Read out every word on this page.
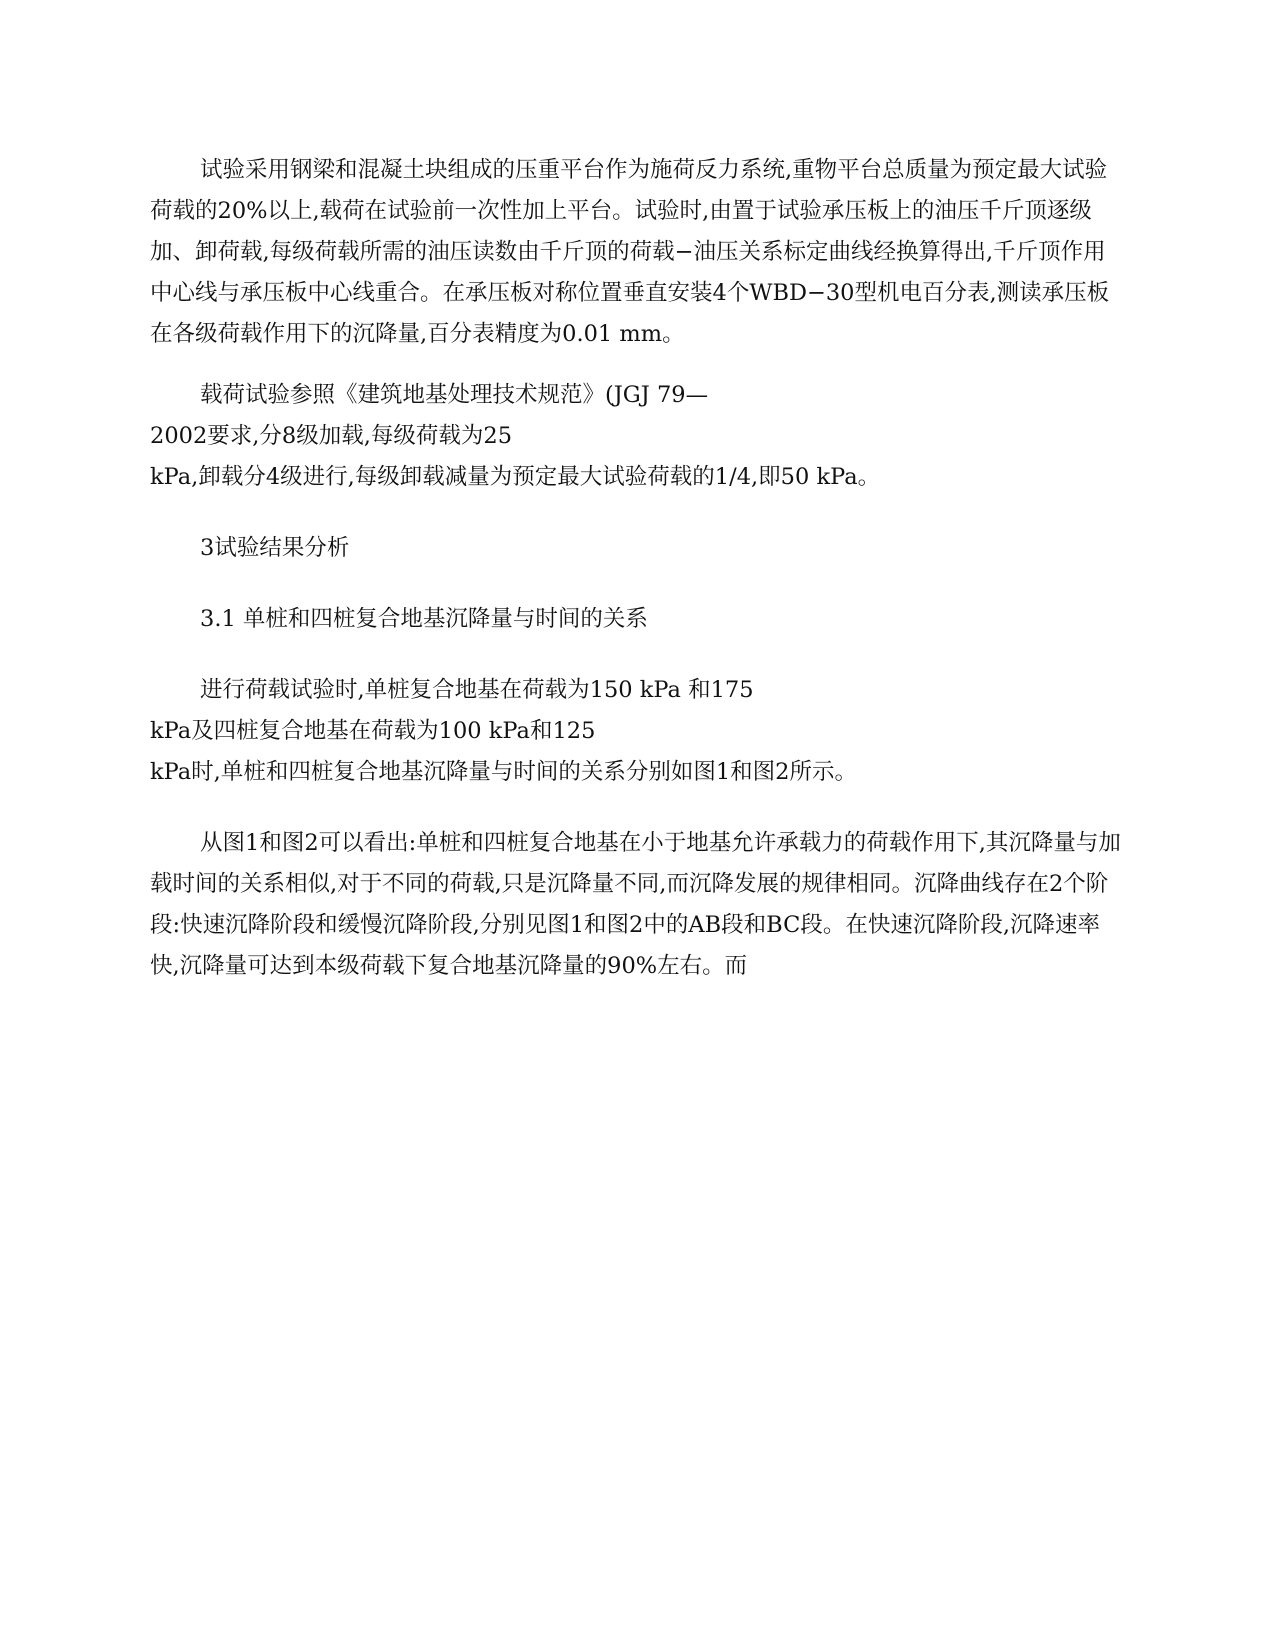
试验采用钢梁和混凝土块组成的压重平台作为施荷反力系统,重物平台总质量为预定最大试验荷载的20%以上,载荷在试验前一次性加上平台。试验时,由置于试验承压板上的油压千斤顶逐级加、卸荷载,每级荷载所需的油压读数由千斤顶的荷载−油压关系标定曲线经换算得出,千斤顶作用中心线与承压板中心线重合。在承压板对称位置垂直安装4个WBD−30型机电百分表,测读承压板在各级荷载作用下的沉降量,百分表精度为0.01 mm。

载荷试验参照《建筑地基处理技术规范》(JGJ 79—
2002要求,分8级加载,每级荷载为25
kPa,卸载分4级进行,每级卸载减量为预定最大试验荷载的1/4,即50 kPa。

3试验结果分析

3.1 单桩和四桩复合地基沉降量与时间的关系

进行荷载试验时,单桩复合地基在荷载为150 kPa 和175
kPa及四桩复合地基在荷载为100 kPa和125
kPa时,单桩和四桩复合地基沉降量与时间的关系分别如图1和图2所示。

从图1和图2可以看出:单桩和四桩复合地基在小于地基允许承载力的荷载作用下,其沉降量与加载时间的关系相似,对于不同的荷载,只是沉降量不同,而沉降发展的规律相同。沉降曲线存在2个阶段:快速沉降阶段和缓慢沉降阶段,分别见图1和图2中的AB段和BC段。在快速沉降阶段,沉降速率快,沉降量可达到本级荷载下复合地基沉降量的90%左右。而
